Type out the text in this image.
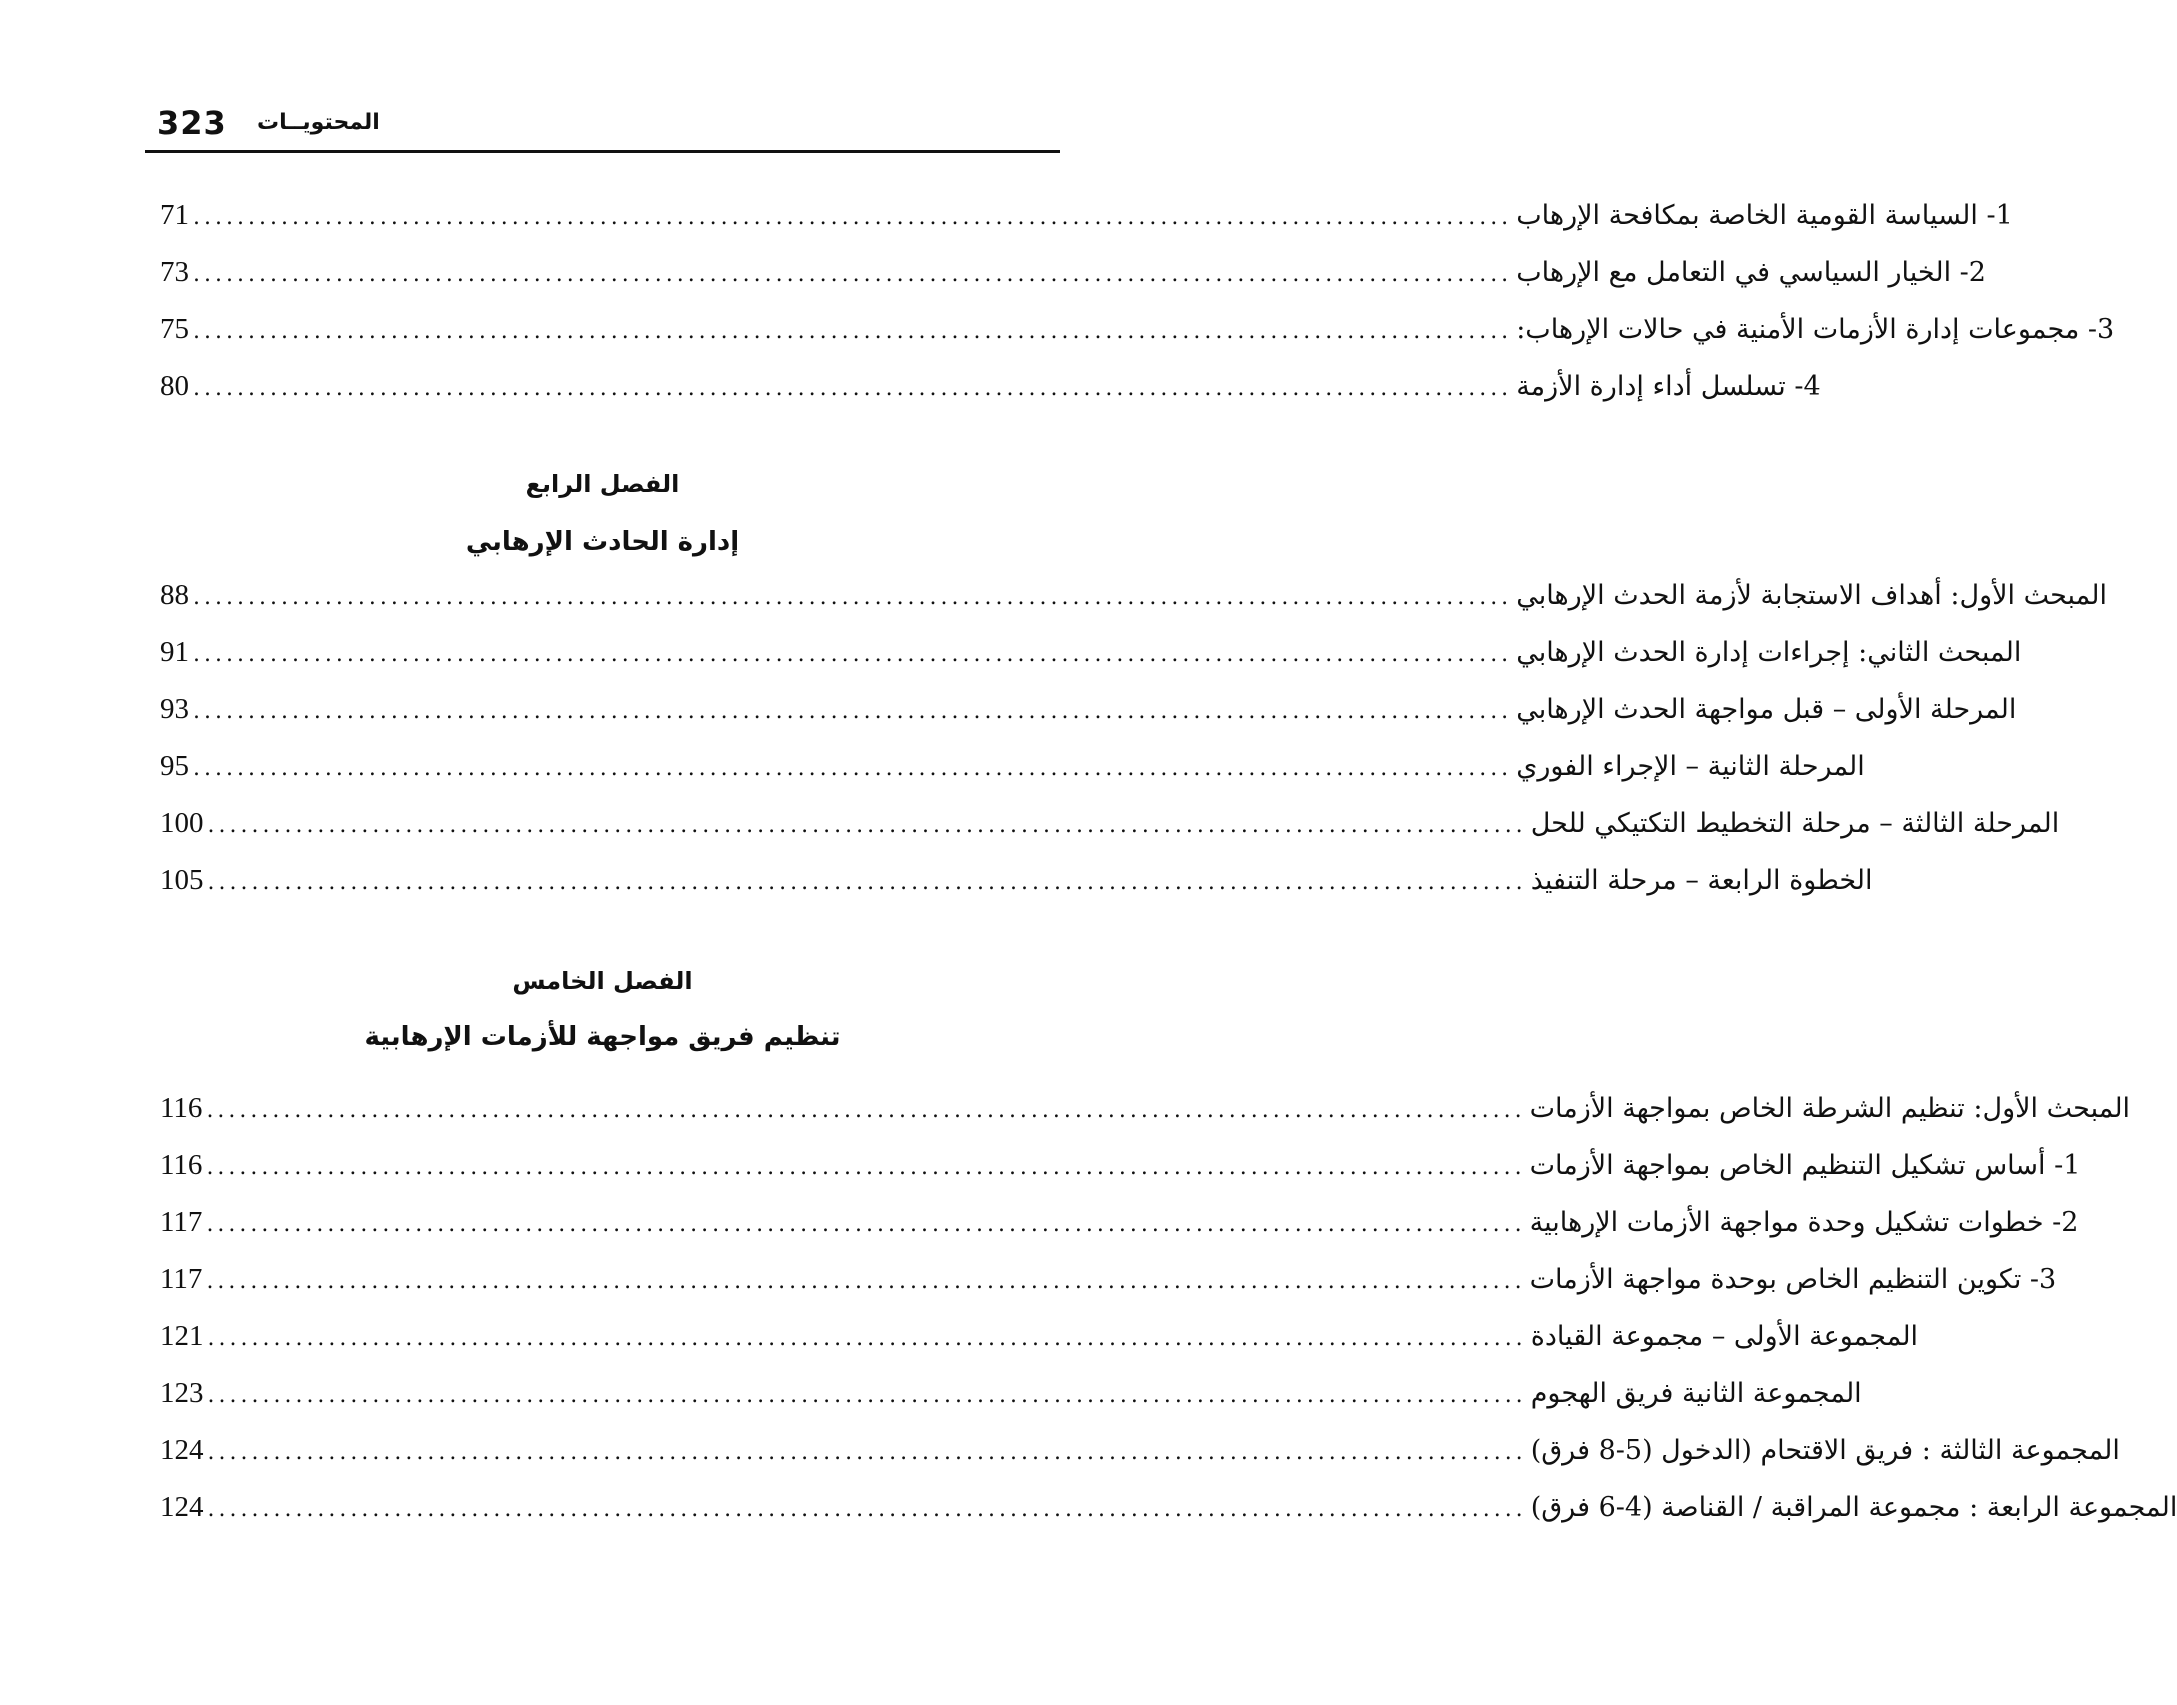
323 المحتويــات
71 ........................................................................................................................ 1- السياسة القومية الخاصة بمكافحة الإرهاب
73 ........................................................................................................................ 2- الخيار السياسي في التعامل مع الإرهاب
75 ........................................................................................................................ 3- مجموعات إدارة الأزمات الأمنية في حالات الإرهاب:
80 ........................................................................................................................ 4- تسلسل أداء إدارة الأزمة
الفصل الرابع
إدارة الحادث الإرهابي
88 ........................................................................................................................ المبحث الأول: أهداف الاستجابة لأزمة الحدث الإرهابي
91 ........................................................................................................................ المبحث الثاني: إجراءات إدارة الحدث الإرهابي
93 ........................................................................................................................ المرحلة الأولى – قبل مواجهة الحدث الإرهابي
95 ........................................................................................................................ المرحلة الثانية – الإجراء الفوري
100 ........................................................................................................................ المرحلة الثالثة – مرحلة التخطيط التكتيكي للحل
105 ........................................................................................................................ الخطوة الرابعة – مرحلة التنفيذ
الفصل الخامس
تنظيم فريق مواجهة للأزمات الإرهابية
116 ........................................................................................................................ المبحث الأول: تنظيم الشرطة الخاص بمواجهة الأزمات
116 ........................................................................................................................ 1- أساس تشكيل التنظيم الخاص بمواجهة الأزمات
117 ........................................................................................................................ 2- خطوات تشكيل وحدة مواجهة الأزمات الإرهابية
117 ........................................................................................................................ 3- تكوين التنظيم الخاص بوحدة مواجهة الأزمات
121 ........................................................................................................................ المجموعة الأولى – مجموعة القيادة
123 ........................................................................................................................ المجموعة الثانية فريق الهجوم
124 ........................................................................................................................ المجموعة الثالثة : فريق الاقتحام (الدخول (5-8 فرق)
124 ........................................................................................................................ المجموعة الرابعة : مجموعة المراقبة / القناصة (4-6 فرق)
